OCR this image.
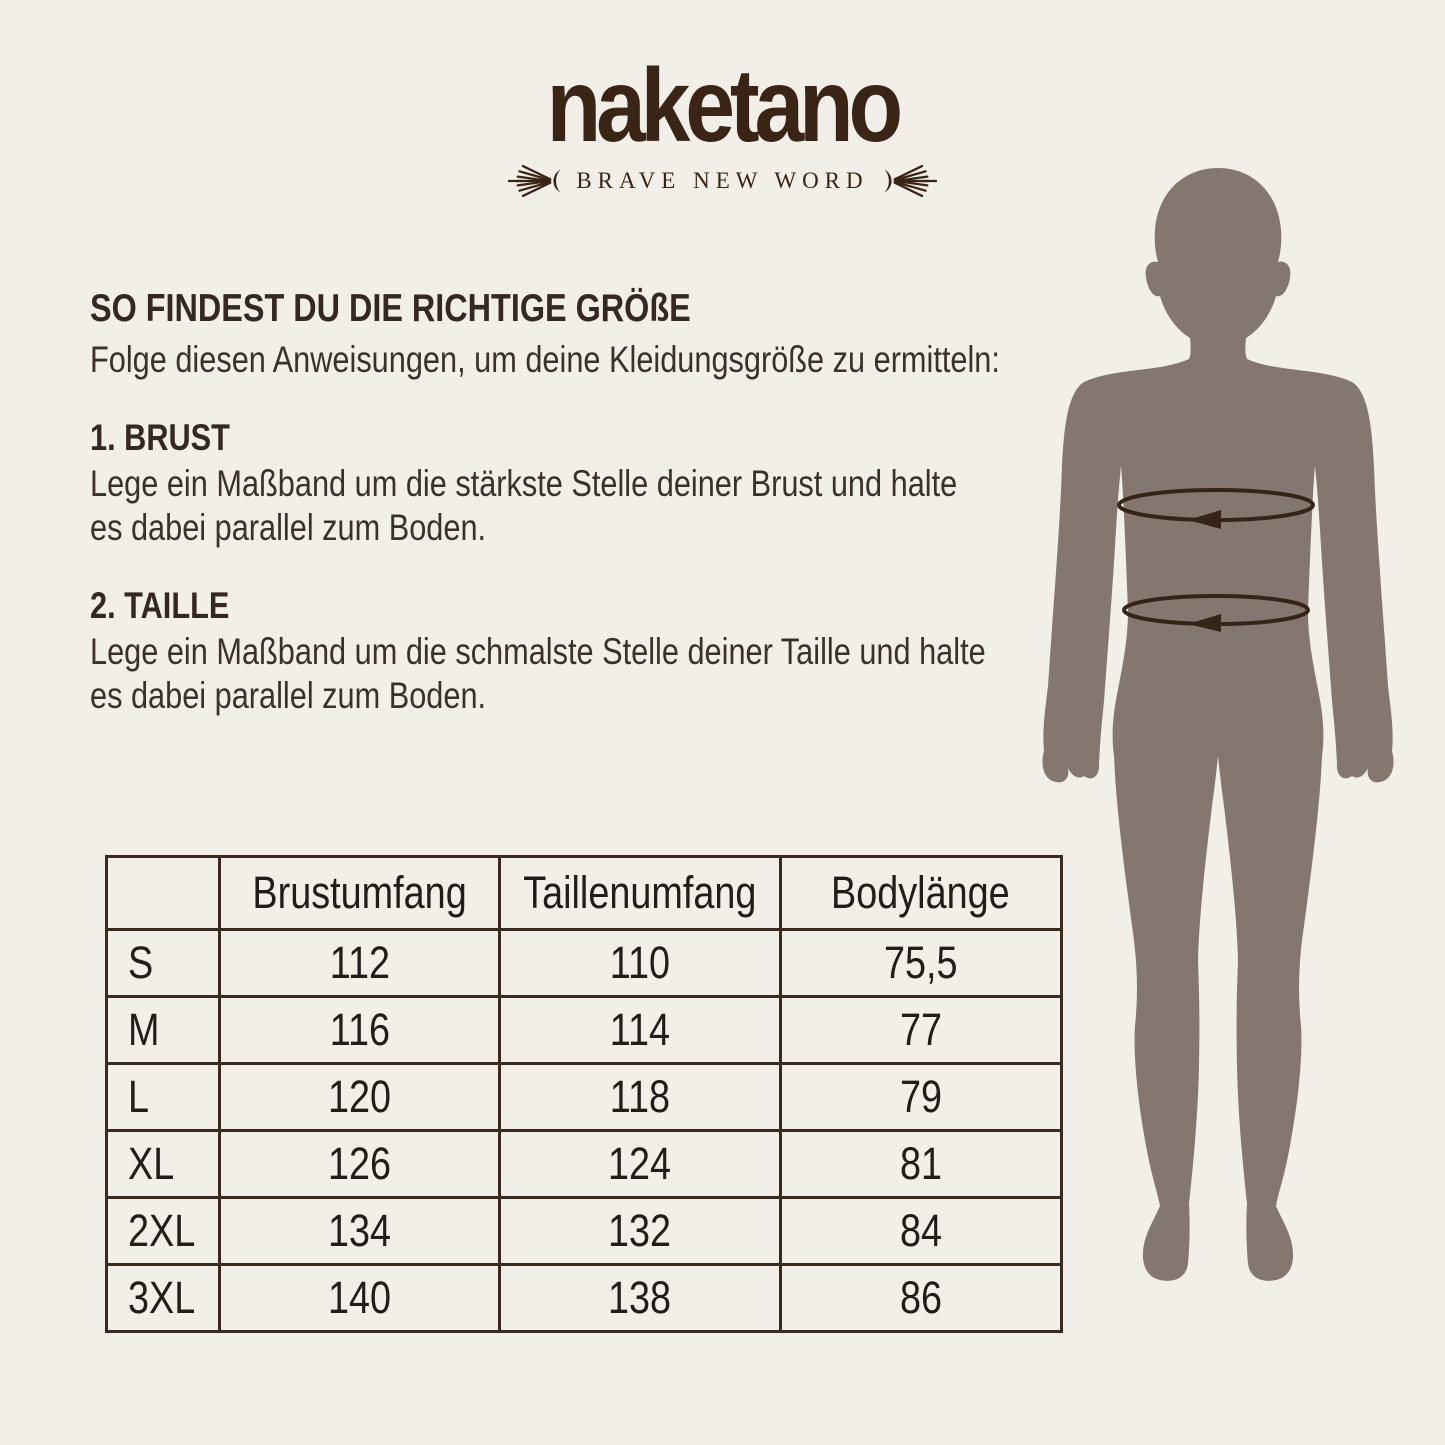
naketano
BRAVE NEW WORD
SO FINDEST DU DIE RICHTIGE GRÖßE

Folge diesen Anweisungen, um deine Kleidungsgröße zu ermitteln:

1. BRUST

Lege ein Maßband um die stärkste Stelle deiner Brust und halte
es dabei parallel zum Boden.

2. TAILLE

Lege ein Maßband um die schmalste Stelle deiner Taille und halte
es dabei parallel zum Boden.

	Brustumfang	Taillenumfang	Bodylänge
S	112	110	75,5
M	116	114	77
L	120	118	79
XL	126	124	81
2XL	134	132	84
3XL	140	138	86
